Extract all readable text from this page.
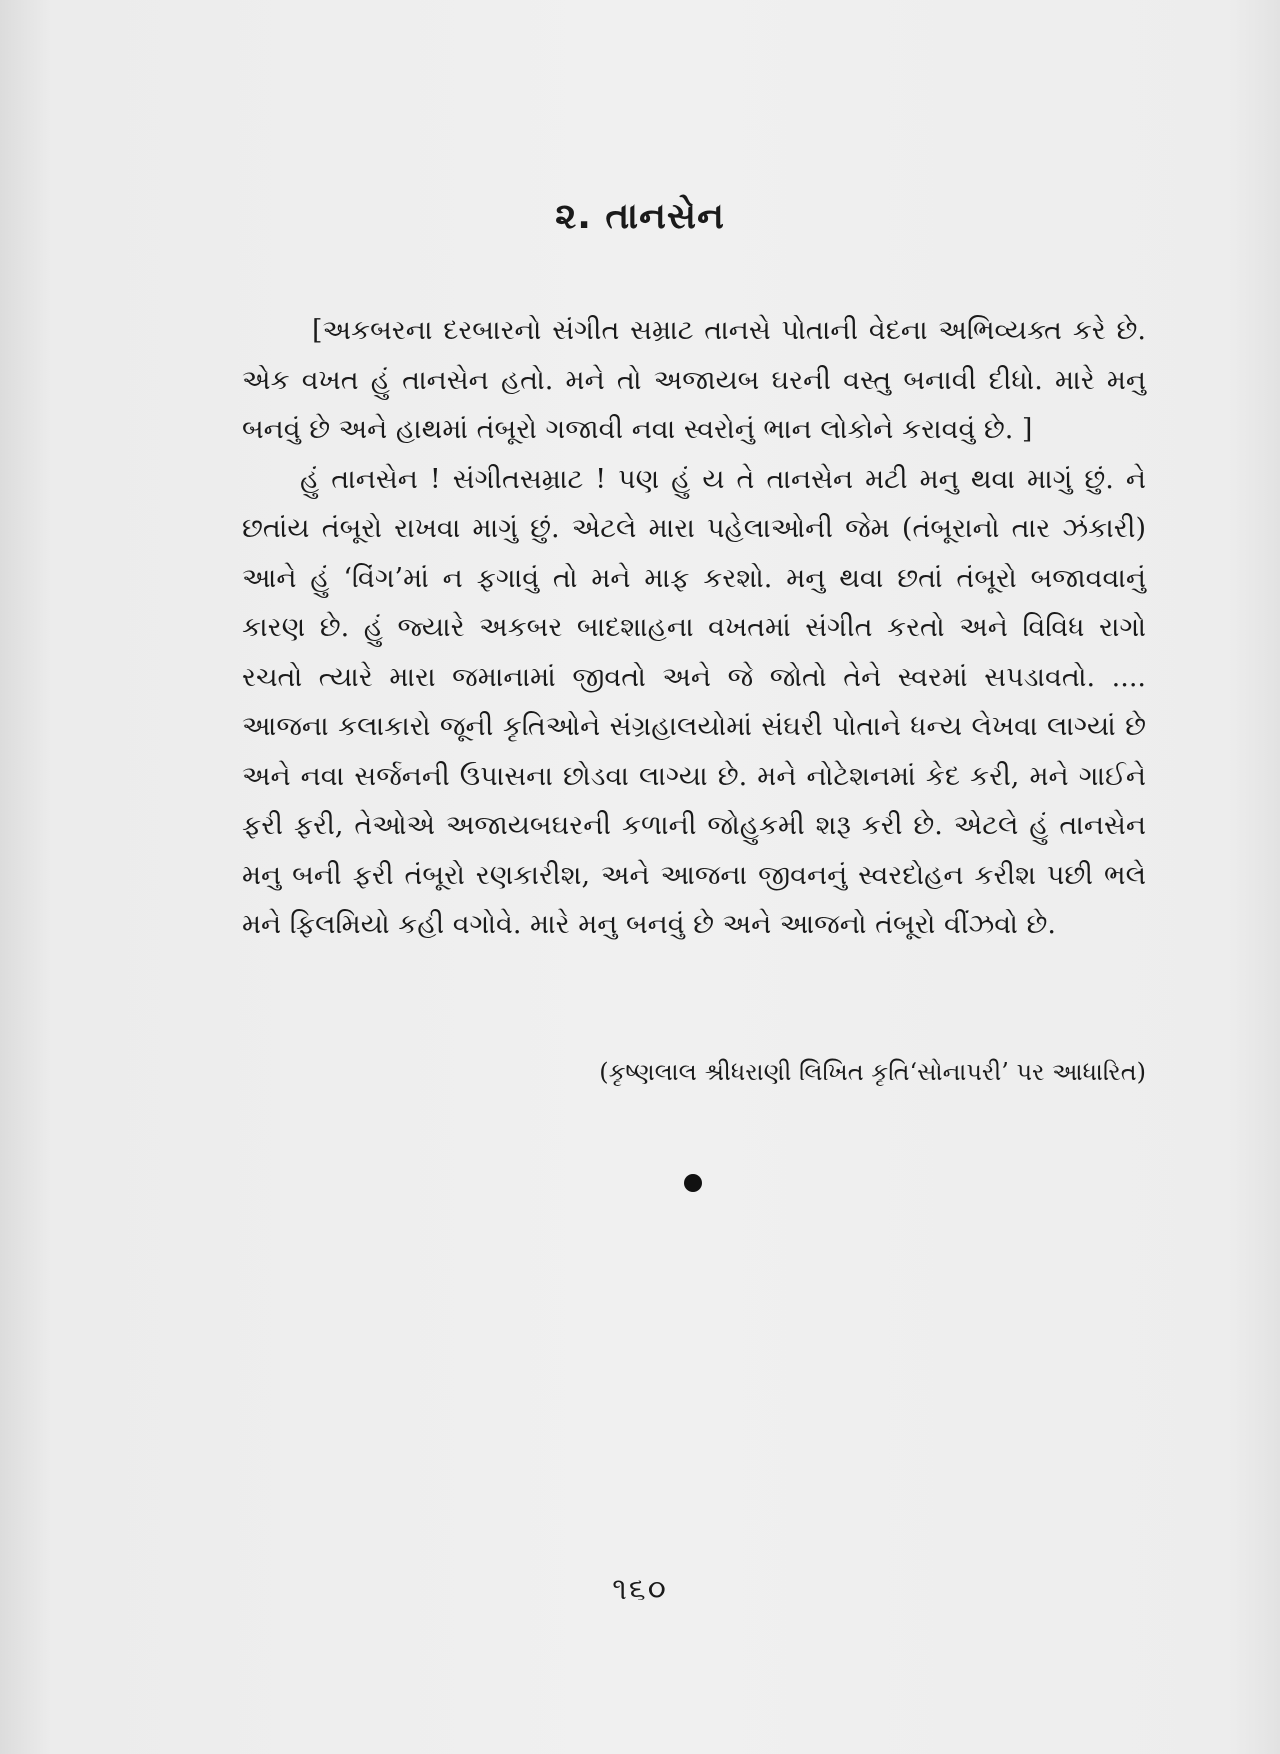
૨. તાનસેન

[અકબરના દરબારનો સંગીત સમ્રાટ તાનસે પોતાની વેદના અભિવ્યક્ત કરે છે. એક વખત હું તાનસેન હતો. મને તો અજાયબ ઘરની વસ્તુ બનાવી દીધો. મારે મનુ બનવું છે અને હાથમાં તંબૂરો ગજાવી નવા સ્વરોનું ભાન લોકોને કરાવવું છે. ]

હું તાનસેન ! સંગીતસમ્રાટ ! પણ હું ય તે તાનસેન મટી મનુ થવા માગું છું. ને છતાંય તંબૂરો રાખવા માગું છું. એટલે મારા પહેલાઓની જેમ (તંબૂરાનો તાર ઝંકારી) આને હું ‘વિંગ’માં ન ફગાવું તો મને માફ કરશો. મનુ થવા છતાં તંબૂરો બજાવવાનું કારણ છે. હું જ્યારે અકબર બાદશાહના વખતમાં સંગીત કરતો અને વિવિધ રાગો રચતો ત્યારે મારા જમાનામાં જીવતો અને જે જોતો તેને સ્વરમાં સપડાવતો. .... આજના કલાકારો જૂની કૃતિઓને સંગ્રહાલયોમાં સંઘરી પોતાને ધન્ય લેખવા લાગ્યાં છે અને નવા સર્જનની ઉપાસના છોડવા લાગ્યા છે. મને નોટેશનમાં કેદ કરી, મને ગાઈને ફરી ફરી, તેઓએ અજાયબઘરની કળાની જોહુકમી શરૂ કરી છે. એટલે હું તાનસેન મનુ બની ફરી તંબૂરો રણકારીશ, અને આજના જીવનનું સ્વરદોહન કરીશ પછી ભલે મને ફિલમિયો કહી વગોવે. મારે મનુ બનવું છે અને આજનો તંબૂરો વીંઝવો છે.

(કૃષ્ણલાલ શ્રીધરાણી લિખિત કૃતિ‘સોનાપરી’ પર આધારિત)
૧૬૦
